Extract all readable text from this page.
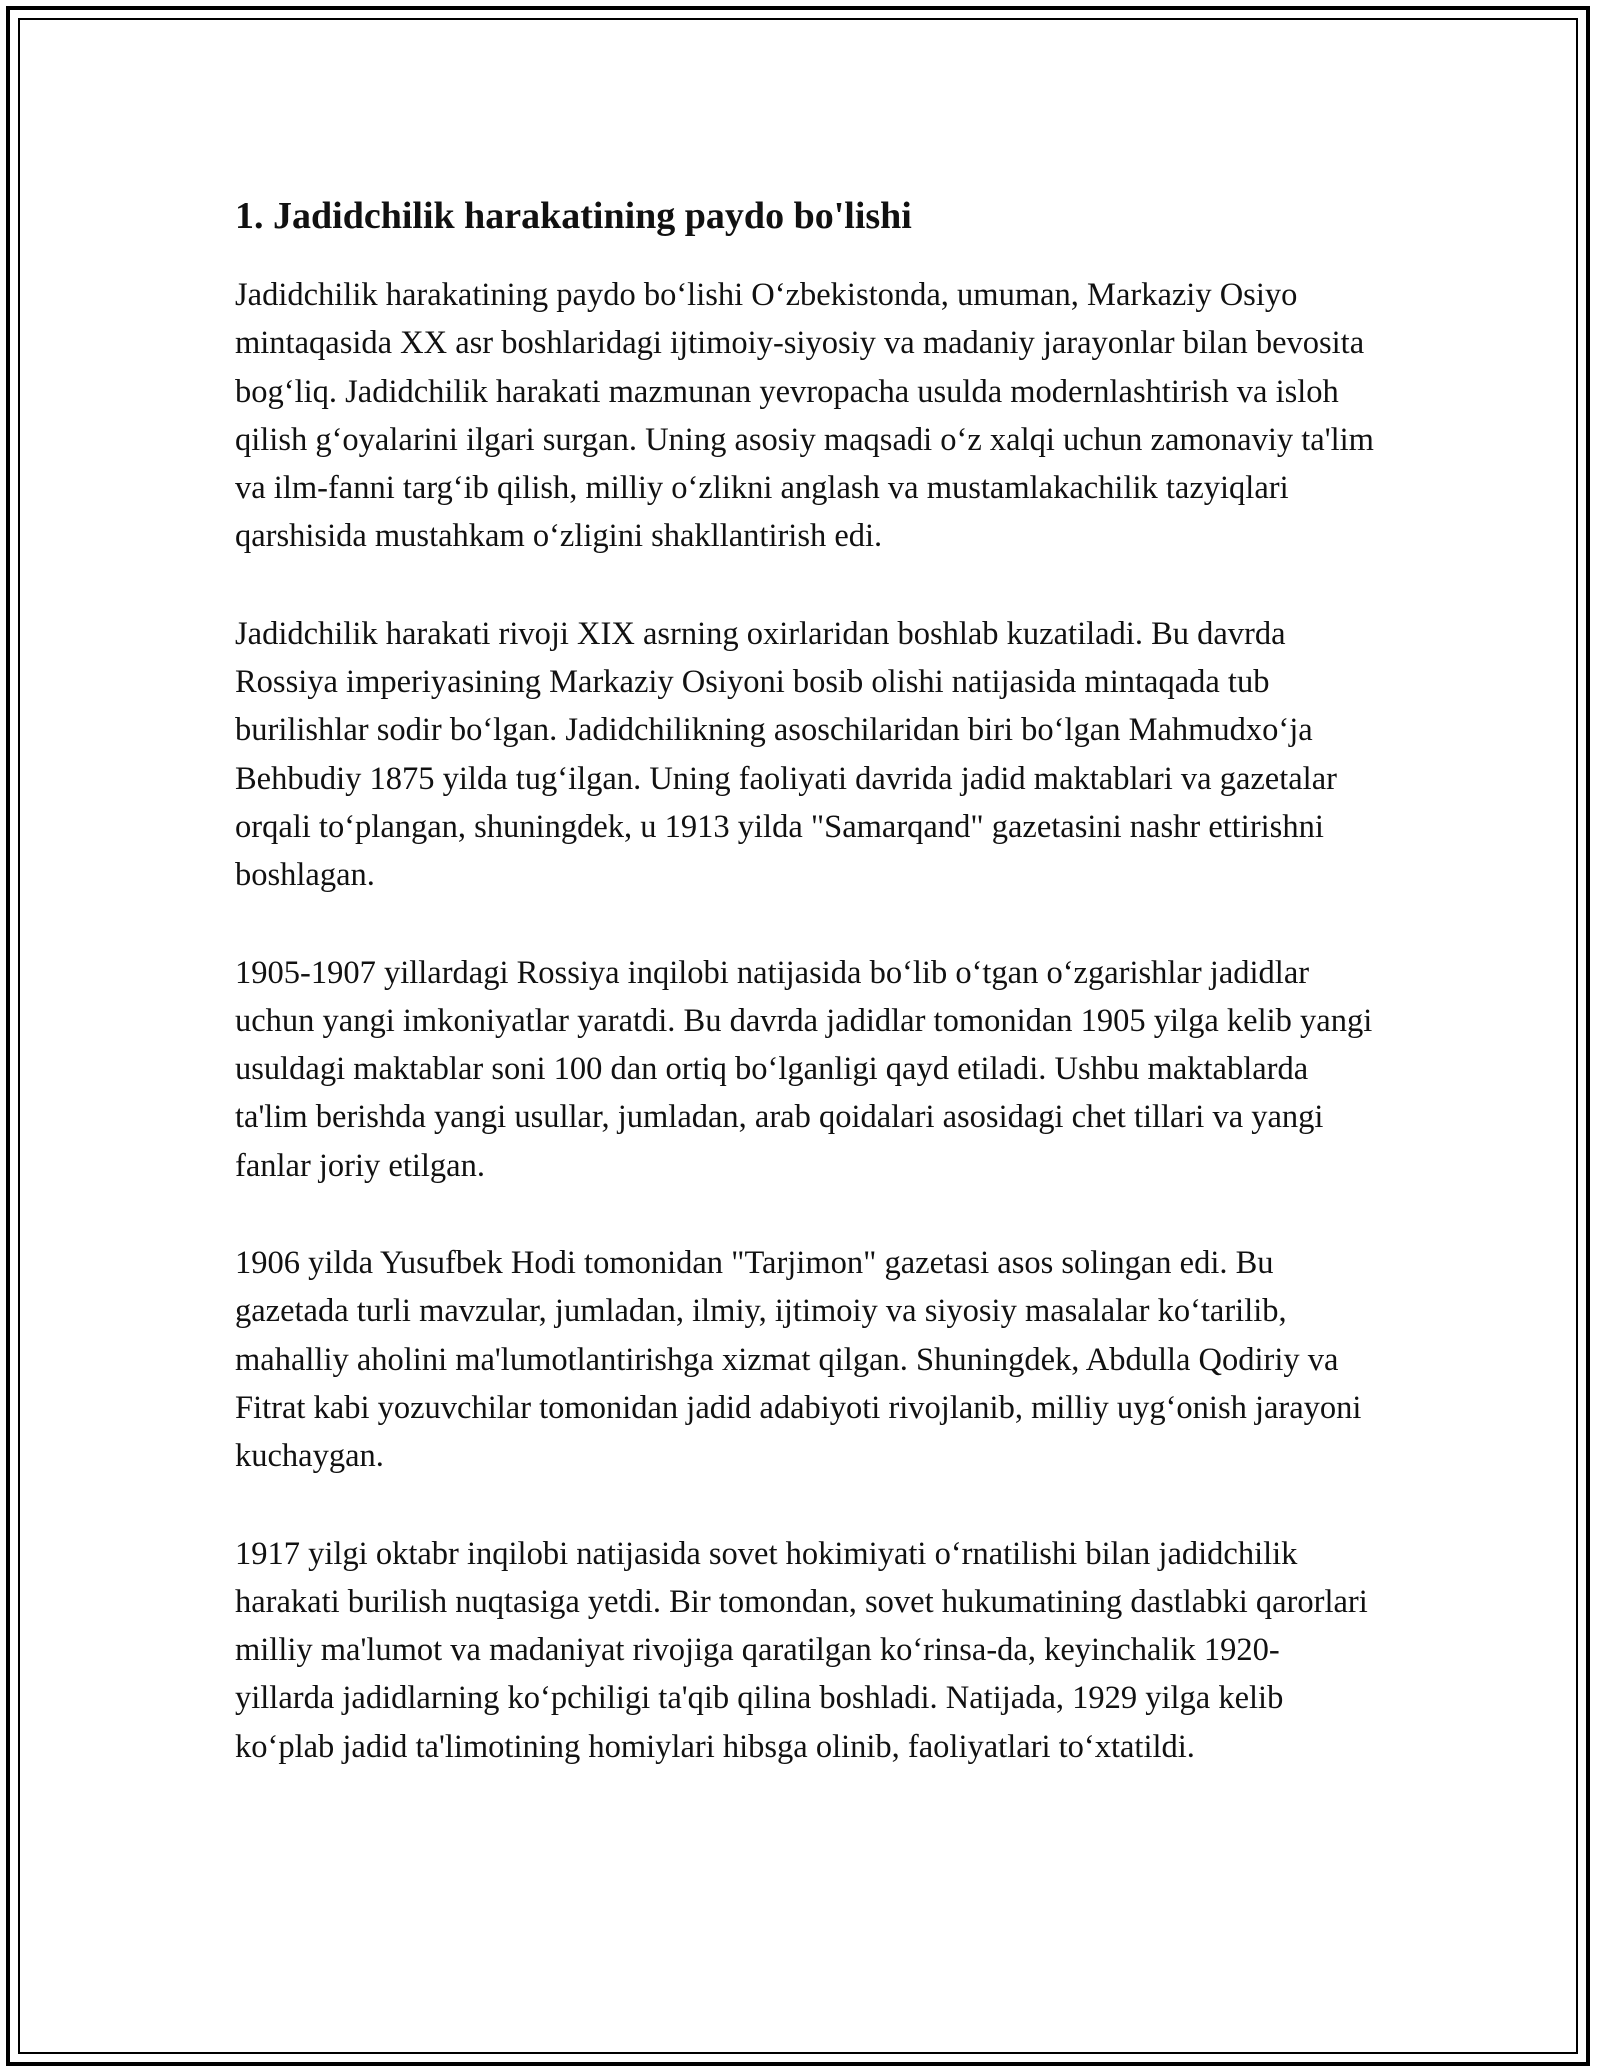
1. Jadidchilik harakatining paydo bo'lishi

Jadidchilik harakatining paydo bo‘lishi O‘zbekistonda, umuman, Markaziy Osiyo mintaqasida XX asr boshlaridagi ijtimoiy-siyosiy va madaniy jarayonlar bilan bevosita bog‘liq. Jadidchilik harakati mazmunan yevropacha usulda modernlashtirish va isloh qilish g‘oyalarini ilgari surgan. Uning asosiy maqsadi o‘z xalqi uchun zamonaviy ta'lim va ilm-fanni targ‘ib qilish, milliy o‘zlikni anglash va mustamlakachilik tazyiqlari qarshisida mustahkam o‘zligini shakllantirish edi.

Jadidchilik harakati rivoji XIX asrning oxirlaridan boshlab kuzatiladi. Bu davrda Rossiya imperiyasining Markaziy Osiyoni bosib olishi natijasida mintaqada tub burilishlar sodir bo‘lgan. Jadidchilikning asoschilaridan biri bo‘lgan Mahmudxo‘ja Behbudiy 1875 yilda tug‘ilgan. Uning faoliyati davrida jadid maktablari va gazetalar orqali to‘plangan, shuningdek, u 1913 yilda "Samarqand" gazetasini nashr ettirishni boshlagan.

1905-1907 yillardagi Rossiya inqilobi natijasida bo‘lib o‘tgan o‘zgarishlar jadidlar uchun yangi imkoniyatlar yaratdi. Bu davrda jadidlar tomonidan 1905 yilga kelib yangi usuldagi maktablar soni 100 dan ortiq bo‘lganligi qayd etiladi. Ushbu maktablarda ta'lim berishda yangi usullar, jumladan, arab qoidalari asosidagi chet tillari va yangi fanlar joriy etilgan.

1906 yilda Yusufbek Hodi tomonidan "Tarjimon" gazetasi asos solingan edi. Bu gazetada turli mavzular, jumladan, ilmiy, ijtimoiy va siyosiy masalalar ko‘tarilib, mahalliy aholini ma'lumotlantirishga xizmat qilgan. Shuningdek, Abdulla Qodiriy va Fitrat kabi yozuvchilar tomonidan jadid adabiyoti rivojlanib, milliy uyg‘onish jarayoni kuchaygan.

1917 yilgi oktabr inqilobi natijasida sovet hokimiyati o‘rnatilishi bilan jadidchilik harakati burilish nuqtasiga yetdi. Bir tomondan, sovet hukumatining dastlabki qarorlari milliy ma'lumot va madaniyat rivojiga qaratilgan ko‘rinsa-da, keyinchalik 1920-yillarda jadidlarning ko‘pchiligi ta'qib qilina boshladi. Natijada, 1929 yilga kelib ko‘plab jadid ta'limotining homiylari hibsga olinib, faoliyatlari to‘xtatildi.
